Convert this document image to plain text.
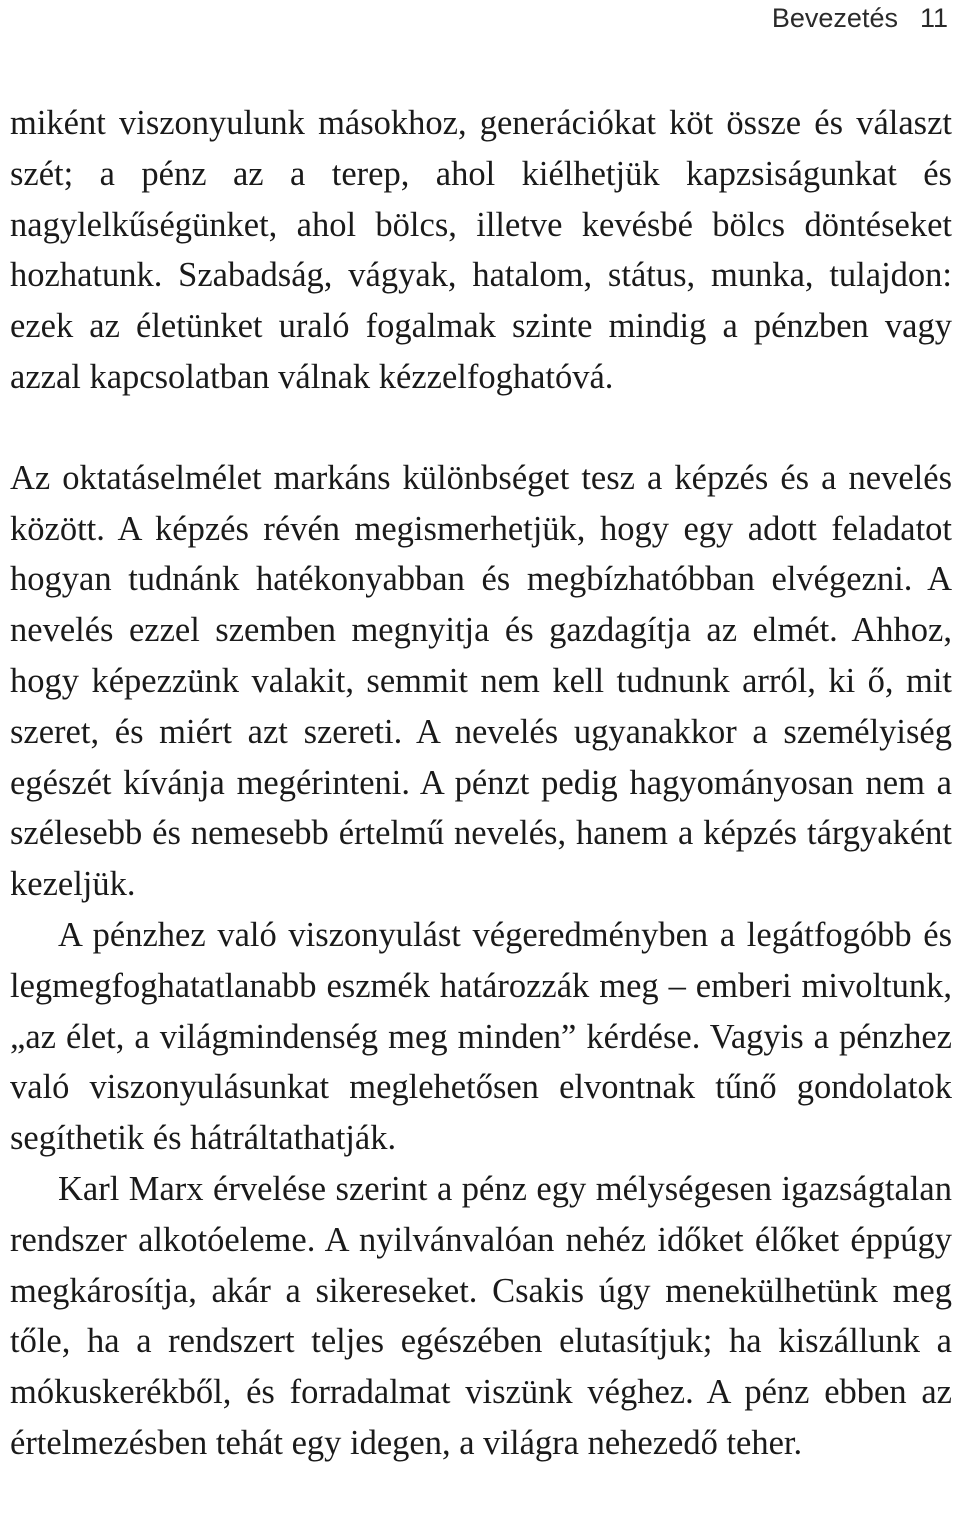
Bevezetés 11

miként viszonyulunk másokhoz, generációkat köt össze és választ szét; a pénz az a terep, ahol kiélhetjük kapzsiságunkat és nagylelkűségünket, ahol bölcs, illetve kevésbé bölcs döntéseket hozhatunk. Szabadság, vágyak, hatalom, státus, munka, tulajdon: ezek az életünket uraló fogalmak szinte mindig a pénzben vagy azzal kapcsolatban válnak kézzelfoghatóvá.

Az oktatáselmélet markáns különbséget tesz a képzés és a nevelés között. A képzés révén megismerhetjük, hogy egy adott feladatot hogyan tudnánk hatékonyabban és megbízhatóbban elvégezni. A nevelés ezzel szemben megnyitja és gazdagítja az elmét. Ahhoz, hogy képezzünk valakit, semmit nem kell tudnunk arról, ki ő, mit szeret, és miért azt szereti. A nevelés ugyanakkor a személyiség egészét kívánja megérinteni. A pénzt pedig hagyományosan nem a szélesebb és nemesebb értelmű nevelés, hanem a képzés tárgyaként kezeljük.

A pénzhez való viszonyulást végeredményben a legátfogóbb és legmegfoghatatlanabb eszmék határozzák meg – emberi mivoltunk, „az élet, a világmindenség meg minden” kérdése. Vagyis a pénzhez való viszonyulásunkat meglehetősen elvontnak tűnő gondolatok segíthetik és hátráltathatják.

Karl Marx érvelése szerint a pénz egy mélységesen igazságtalan rendszer alkotóeleme. A nyilvánvalóan nehéz időket élőket éppúgy megkárosítja, akár a sikereseket. Csakis úgy menekülhetünk meg tőle, ha a rendszert teljes egészében elutasítjuk; ha kiszállunk a mókuskerékből, és forradalmat viszünk véghez. A pénz ebben az értelmezésben tehát egy idegen, a világra nehezedő teher.
